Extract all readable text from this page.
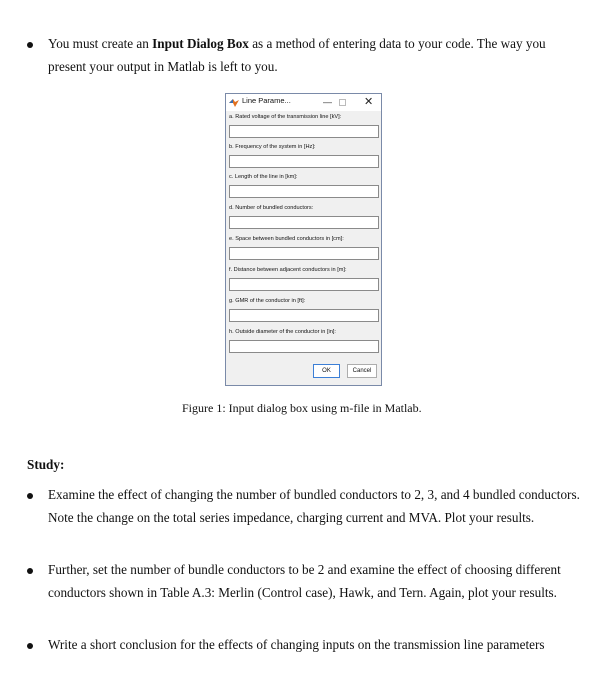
You must create an Input Dialog Box as a method of entering data to your code. The way you
present your output in Matlab is left to you.
Line Parame...	—	✕
a. Rated voltage of the transmission line [kV]:
b. Frequency of the system in [Hz]:
c. Length of the line in [km]:
d. Number of bundled conductors:
e. Space between bundled conductors in [cm]:
f. Distance between adjacent conductors in [m]:
g. GMR of the conductor in [ft]:
h. Outside diameter of the conductor in [in]:
OK	Cancel
Figure 1: Input dialog box using m-file in Matlab.
Study:
Examine the effect of changing the number of bundled conductors to 2, 3, and 4 bundled conductors.
Note the change on the total series impedance, charging current and MVA. Plot your results.
Further, set the number of bundle conductors to be 2 and examine the effect of choosing different
conductors shown in Table A.3: Merlin (Control case), Hawk, and Tern. Again, plot your results.
Write a short conclusion for the effects of changing inputs on the transmission line parameters
